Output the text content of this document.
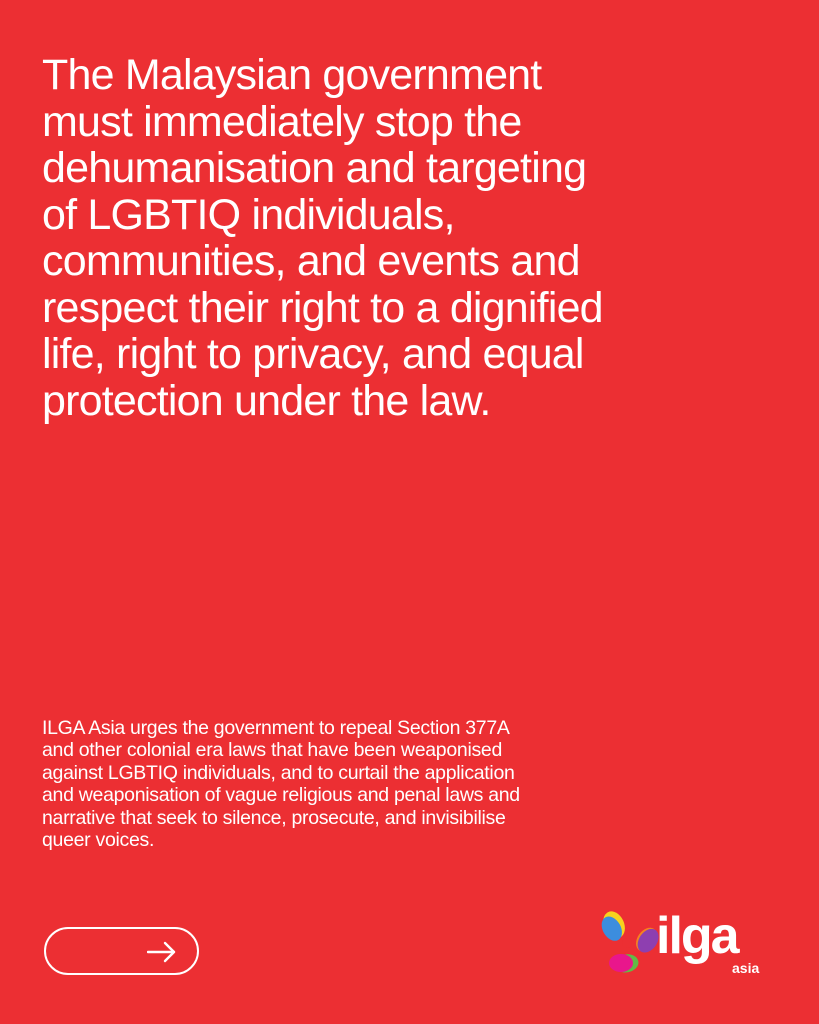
The Malaysian government
must immediately stop the
dehumanisation and targeting
of LGBTIQ individuals,
communities, and events and
respect their right to a dignified
life, right to privacy, and equal
protection under the law.

ILGA Asia urges the government to repeal Section 377A
and other colonial era laws that have been weaponised
against LGBTIQ individuals, and to curtail the application
and weaponisation of vague religious and penal laws and
narrative that seek to silence, prosecute, and invisibilise
queer voices.

ilga
asia
